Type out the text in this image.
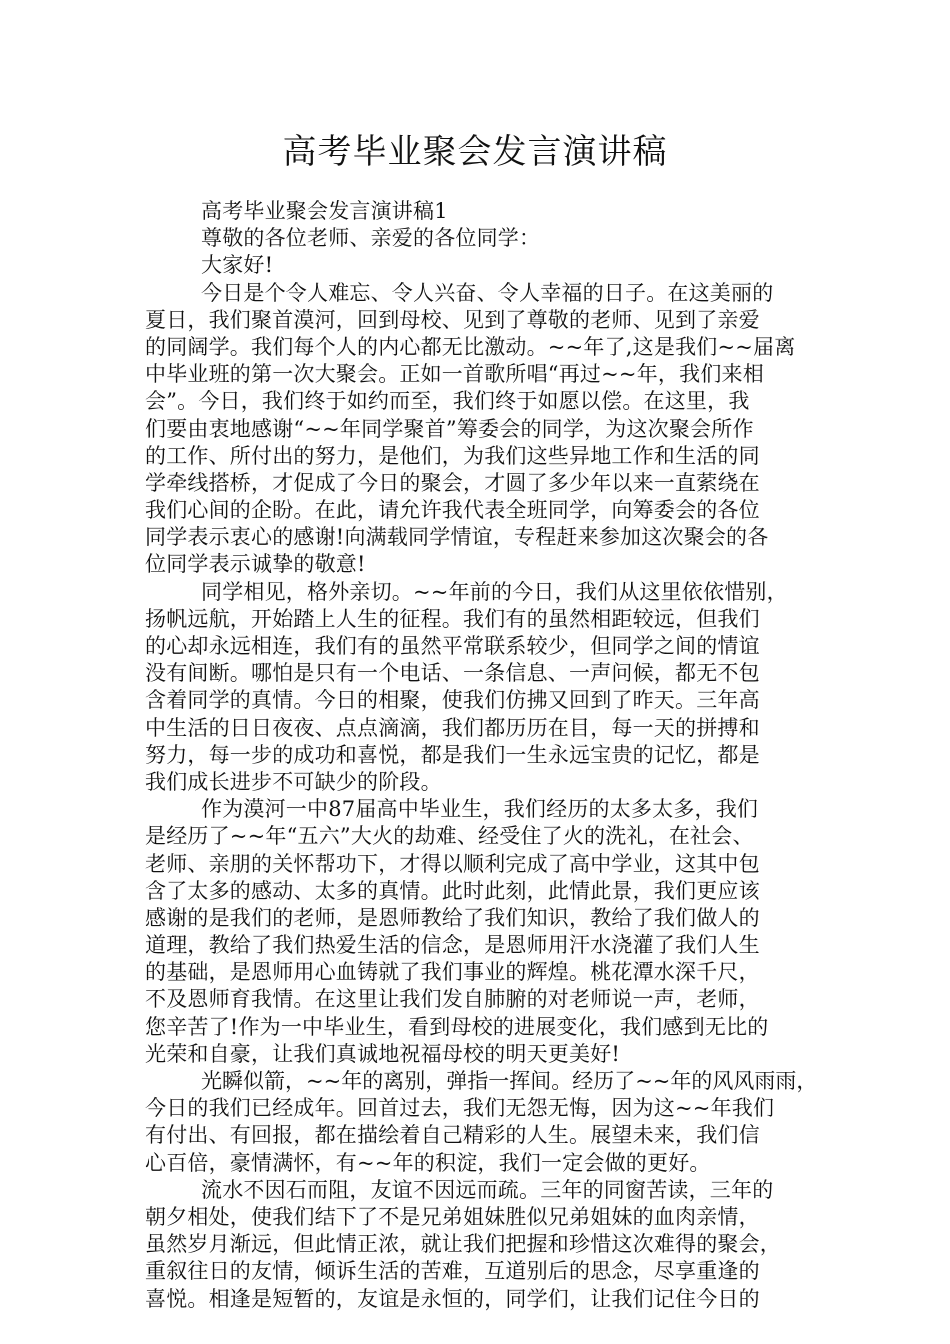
高考毕业聚会发言演讲稿
高考毕业聚会发言演讲稿1
尊敬的各位老师、亲爱的各位同学：
大家好!
今日是个令人难忘、令人兴奋、令人幸福的日子。在这美丽的
夏日，我们聚首漠河，回到母校、见到了尊敬的老师、见到了亲爱
的同阔学。我们每个人的内心都无比激动。~~年了,这是我们~~届离
中毕业班的第一次大聚会。正如一首歌所唱“再过~~年，我们来相
会”。今日，我们终于如约而至，我们终于如愿以偿。在这里，我
们要由衷地感谢“~~年同学聚首”筹委会的同学，为这次聚会所作
的工作、所付出的努力，是他们，为我们这些异地工作和生活的同
学牵线搭桥，才促成了今日的聚会，才圆了多少年以来一直萦绕在
我们心间的企盼。在此，请允许我代表全班同学，向筹委会的各位
同学表示衷心的感谢!向满载同学情谊，专程赶来参加这次聚会的各
位同学表示诚挚的敬意!
同学相见，格外亲切。~~年前的今日，我们从这里依依惜别，
扬帆远航，开始踏上人生的征程。我们有的虽然相距较远，但我们
的心却永远相连，我们有的虽然平常联系较少，但同学之间的情谊
没有间断。哪怕是只有一个电话、一条信息、一声问候，都无不包
含着同学的真情。今日的相聚，使我们仿拂又回到了昨天。三年高
中生活的日日夜夜、点点滴滴，我们都历历在目，每一天的拼搏和
努力，每一步的成功和喜悦，都是我们一生永远宝贵的记忆，都是
我们成长进步不可缺少的阶段。
作为漠河一中87届高中毕业生，我们经历的太多太多，我们
是经历了~~年“五六”大火的劫难、经受住了火的洗礼，在社会、
老师、亲朋的关怀帮功下，才得以顺利完成了高中学业，这其中包
含了太多的感动、太多的真情。此时此刻，此情此景，我们更应该
感谢的是我们的老师，是恩师教给了我们知识，教给了我们做人的
道理，教给了我们热爱生活的信念，是恩师用汗水浇灌了我们人生
的基础，是恩师用心血铸就了我们事业的辉煌。桃花潭水深千尺，
不及恩师育我情。在这里让我们发自肺腑的对老师说一声，老师，
您辛苦了!作为一中毕业生，看到母校的进展变化，我们感到无比的
光荣和自豪，让我们真诚地祝福母校的明天更美好!
光瞬似箭，~~年的离别，弹指一挥间。经历了~~年的风风雨雨，
今日的我们已经成年。回首过去，我们无怨无悔，因为这~~年我们
有付出、有回报，都在描绘着自己精彩的人生。展望未来，我们信
心百倍，豪情满怀，有~~年的积淀，我们一定会做的更好。
流水不因石而阻，友谊不因远而疏。三年的同窗苦读，三年的
朝夕相处，使我们结下了不是兄弟姐妹胜似兄弟姐妹的血肉亲情，
虽然岁月渐远，但此情正浓，就让我们把握和珍惜这次难得的聚会，
重叙往日的友情，倾诉生活的苦难，互道别后的思念，尽享重逢的
喜悦。相逢是短暂的，友谊是永恒的，同学们，让我们记住今日的
